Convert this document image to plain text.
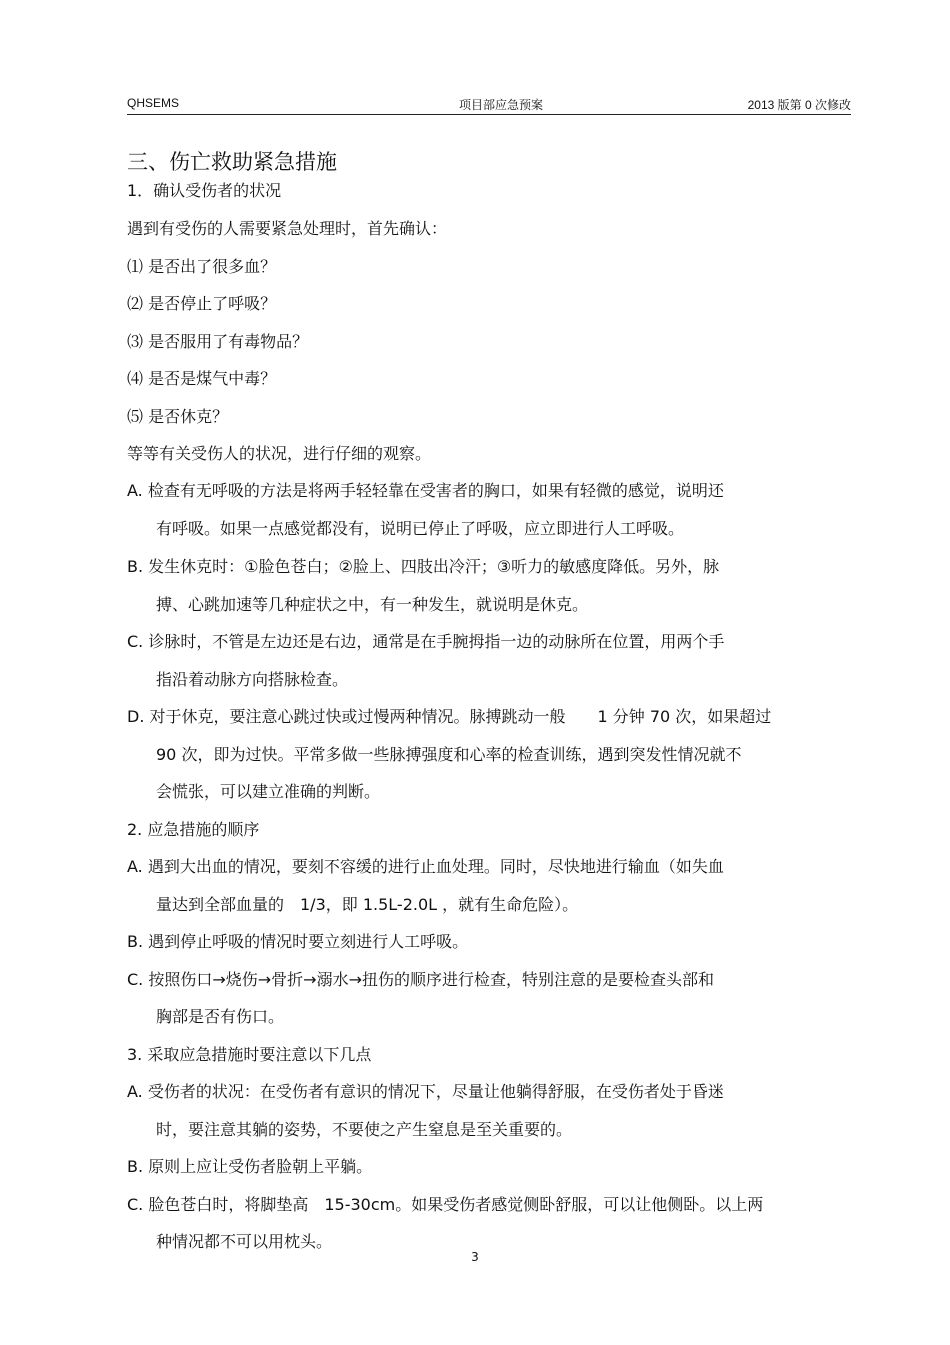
QHSEMS	项目部应急预案	2013 版第 0 次修改
三、伤亡救助紧急措施
1．确认受伤者的状况
遇到有受伤的人需要紧急处理时，首先确认：
⑴ 是否出了很多血？
⑵ 是否停止了呼吸？
⑶ 是否服用了有毒物品？
⑷ 是否是煤气中毒？
⑸ 是否休克？
等等有关受伤人的状况，进行仔细的观察。
A. 检查有无呼吸的方法是将两手轻轻靠在受害者的胸口，如果有轻微的感觉，说明还
有呼吸。如果一点感觉都没有，说明已停止了呼吸，应立即进行人工呼吸。
B. 发生休克时：①脸色苍白；②脸上、四肢出冷汗；③听力的敏感度降低。另外，脉
搏、心跳加速等几种症状之中，有一种发生，就说明是休克。
C. 诊脉时，不管是左边还是右边，通常是在手腕拇指一边的动脉所在位置，用两个手
指沿着动脉方向搭脉检查。
D. 对于休克，要注意心跳过快或过慢两种情况。脉搏跳动一般　　1 分钟 70 次，如果超过
90 次，即为过快。平常多做一些脉搏强度和心率的检查训练，遇到突发性情况就不
会慌张，可以建立准确的判断。
2. 应急措施的顺序
A. 遇到大出血的情况，要刻不容缓的进行止血处理。同时，尽快地进行输血（如失血
量达到全部血量的　1/3，即 1.5L-2.0L ，就有生命危险）。
B. 遇到停止呼吸的情况时要立刻进行人工呼吸。
C. 按照伤口→烧伤→骨折→溺水→扭伤的顺序进行检查，特别注意的是要检查头部和
胸部是否有伤口。
3. 采取应急措施时要注意以下几点
A. 受伤者的状况：在受伤者有意识的情况下，尽量让他躺得舒服，在受伤者处于昏迷
时，要注意其躺的姿势，不要使之产生窒息是至关重要的。
B. 原则上应让受伤者脸朝上平躺。
C. 脸色苍白时，将脚垫高　15-30cm。如果受伤者感觉侧卧舒服，可以让他侧卧。以上两
种情况都不可以用枕头。
3
